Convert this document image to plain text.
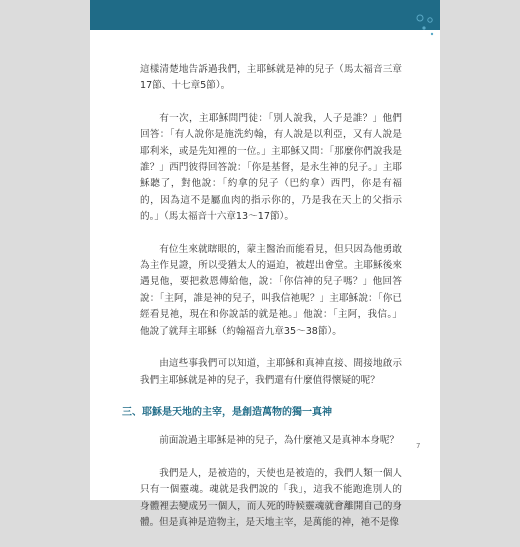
這樣清楚地告訴過我們，主耶穌就是神的兒子（馬太福音三章17節、十七章5節）。

有一次，主耶穌問門徒：「別人說我，人子是誰？」他們回答：「有人說你是施洗約翰，有人說是以利亞，又有人說是耶利米，或是先知裡的一位。」主耶穌又問：「那麼你們說我是誰？」西門彼得回答說：「你是基督，是永生神的兒子。」主耶穌聽了，對他說：「約拿的兒子（巴約拿）西門，你是有福的，因為這不是屬血肉的指示你的，乃是我在天上的父指示的。」（馬太福音十六章13～17節）。

有位生來就瞎眼的，蒙主醫治而能看見，但只因為他勇敢為主作見證，所以受猶太人的逼迫，被趕出會堂。主耶穌後來遇見他，要把救恩傳給他，說：「你信神的兒子嗎？」他回答說：「主阿，誰是神的兒子，叫我信祂呢？」主耶穌說：「你已經看見祂，現在和你說話的就是祂。」他說：「主阿，我信。」他說了就拜主耶穌（約翰福音九章35～38節）。

由這些事我們可以知道，主耶穌和真神直接、間接地啟示我們主耶穌就是神的兒子，我們還有什麼值得懷疑的呢？

三、耶穌是天地的主宰，是創造萬物的獨一真神

前面說過主耶穌是神的兒子，為什麼祂又是真神本身呢？

我們是人，是被造的，天使也是被造的，我們人類一個人只有一個靈魂。魂就是我們說的「我」，這我不能跑進別人的身體裡去變成另一個人，而人死的時候靈魂就會離開自己的身體。但是真神是造物主，是天地主宰，是萬能的神，祂不是像

7
